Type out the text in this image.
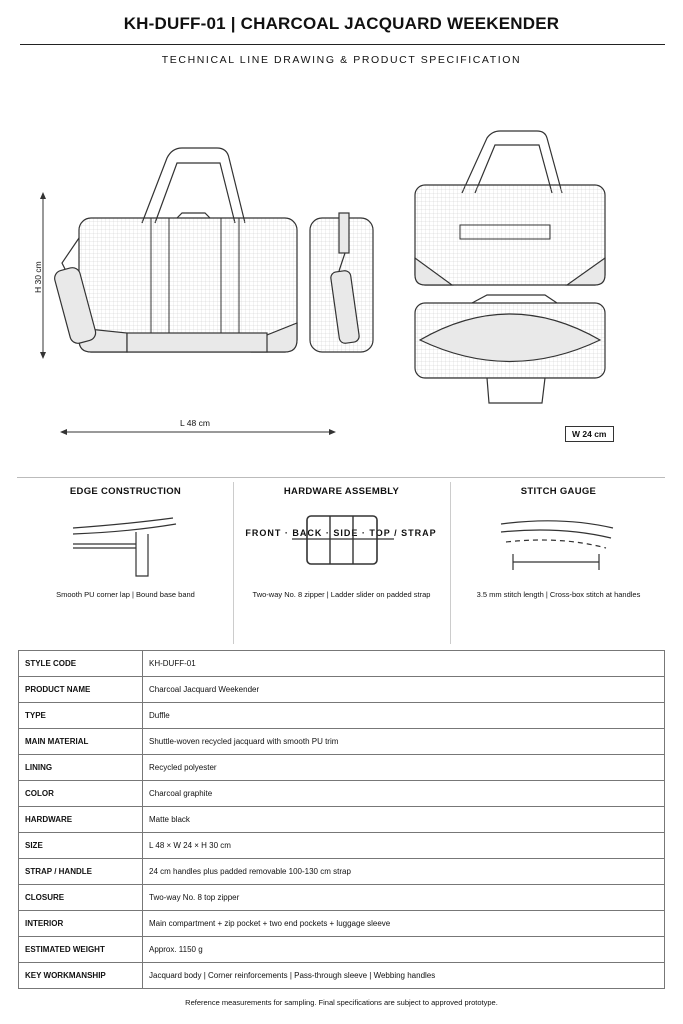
KH-DUFF-01 | CHARCOAL JACQUARD WEEKENDER
TECHNICAL LINE DRAWING & PRODUCT SPECIFICATION
H 30 cm
L 48 cm
W 24 cm
FRONT · BACK · SIDE · TOP / STRAP
EDGE CONSTRUCTION
Smooth PU corner lap | Bound base band
HARDWARE ASSEMBLY
Two-way No. 8 zipper | Ladder slider on padded strap
STITCH GAUGE
3.5 mm stitch length | Cross-box stitch at handles
STYLE CODE	KH-DUFF-01
PRODUCT NAME	Charcoal Jacquard Weekender
TYPE	Duffle
MAIN MATERIAL	Shuttle-woven recycled jacquard with smooth PU trim
LINING	Recycled polyester
COLOR	Charcoal graphite
HARDWARE	Matte black
SIZE	L 48 × W 24 × H 30 cm
STRAP / HANDLE	24 cm handles plus padded removable 100-130 cm strap
CLOSURE	Two-way No. 8 top zipper
INTERIOR	Main compartment + zip pocket + two end pockets + luggage sleeve
ESTIMATED WEIGHT	Approx. 1150 g
KEY WORKMANSHIP	Jacquard body | Corner reinforcements | Pass-through sleeve | Webbing handles
Reference measurements for sampling. Final specifications are subject to approved prototype.
